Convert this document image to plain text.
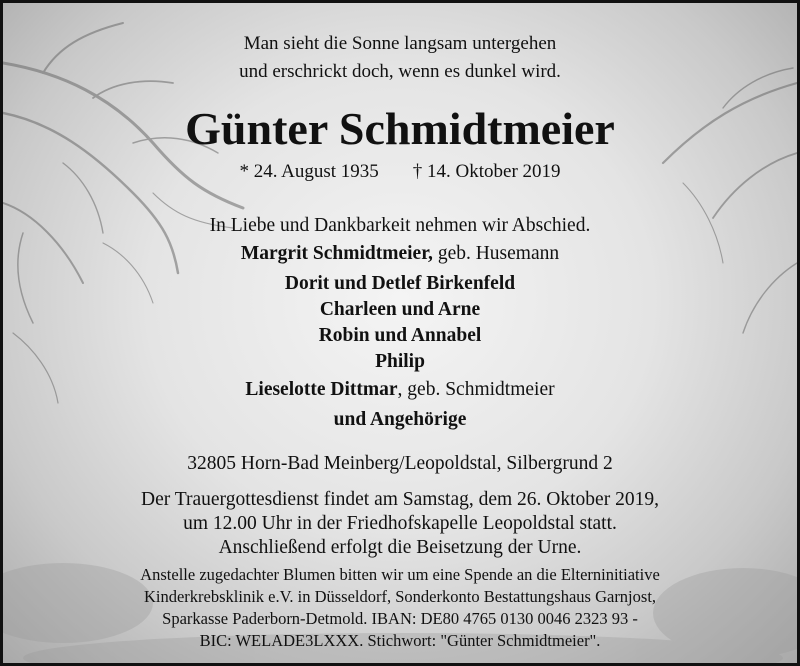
Man sieht die Sonne langsam untergehen

und erschrickt doch, wenn es dunkel wird.

Günter Schmidtmeier

* 24. August 1935 † 14. Oktober 2019

In Liebe und Dankbarkeit nehmen wir Abschied.

Margrit Schmidtmeier, geb. Husemann

Dorit und Detlef Birkenfeld

Charleen und Arne

Robin und Annabel

Philip

Lieselotte Dittmar, geb. Schmidtmeier

und Angehörige

32805 Horn-Bad Meinberg/Leopoldstal, Silbergrund 2

Der Trauergottesdienst findet am Samstag, dem 26. Oktober 2019,

um 12.00 Uhr in der Friedhofskapelle Leopoldstal statt.

Anschließend erfolgt die Beisetzung der Urne.

Anstelle zugedachter Blumen bitten wir um eine Spende an die Elterninitiative

Kinderkrebsklinik e.V. in Düsseldorf, Sonderkonto Bestattungshaus Garnjost,

Sparkasse Paderborn-Detmold. IBAN: DE80 4765 0130 0046 2323 93 -

BIC: WELADE3LXXX. Stichwort: "Günter Schmidtmeier".
